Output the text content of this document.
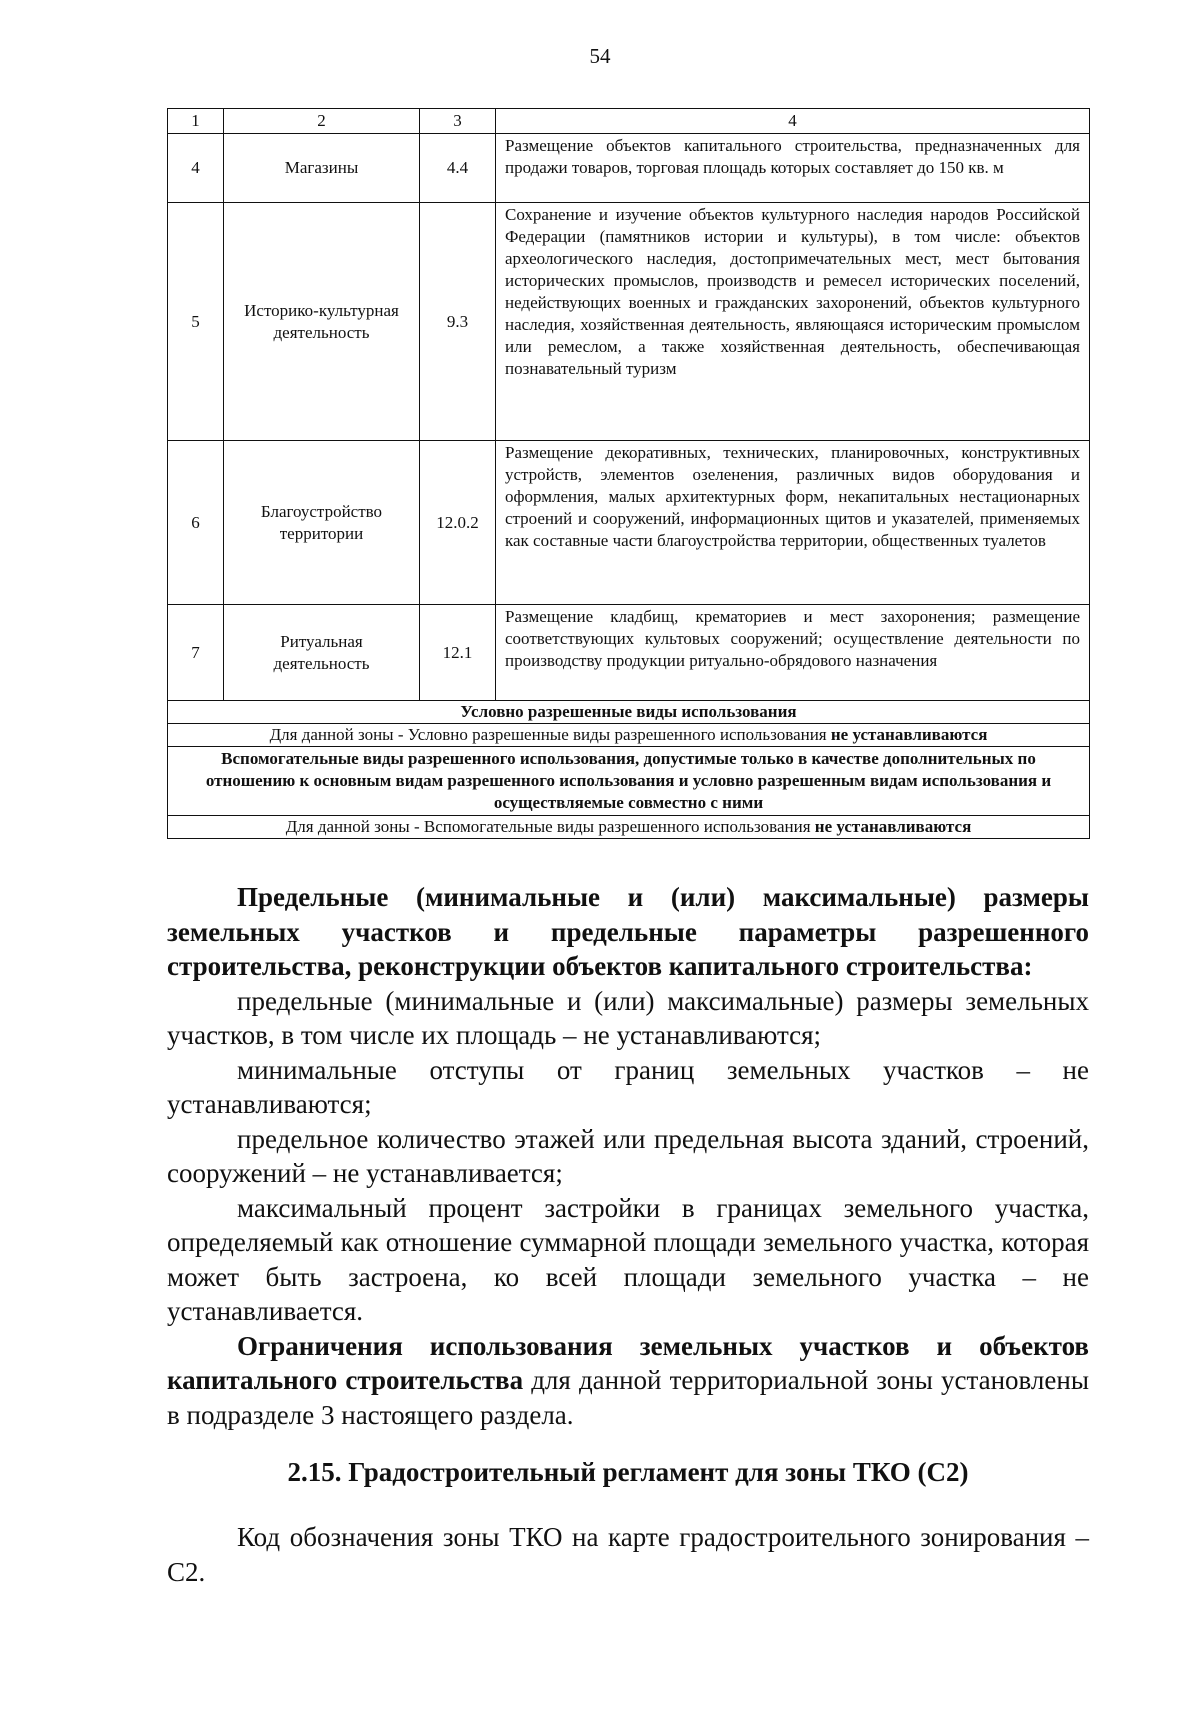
54
1	2	3	4
4	Магазины	4.4	Размещение объектов капитального строительства, предназначенных для продажи товаров, торговая площадь которых составляет до 150 кв. м
5	Историко-культурная деятельность	9.3	Сохранение и изучение объектов культурного наследия народов Российской Федерации (памятников истории и культуры), в том числе: объектов археологического наследия, достопримечательных мест, мест бытования исторических промыслов, производств и ремесел исторических поселений, недействующих военных и гражданских захоронений, объектов культурного наследия, хозяйственная деятельность, являющаяся историческим промыслом или ремеслом, а также хозяйственная деятельность, обеспечивающая познавательный туризм
6	Благоустройство территории	12.0.2	Размещение декоративных, технических, планировочных, конструктивных устройств, элементов озеленения, различных видов оборудования и оформления, малых архитектурных форм, некапитальных нестационарных строений и сооружений, информационных щитов и указателей, применяемых как составные части благоустройства территории, общественных туалетов
7	Ритуальная деятельность	12.1	Размещение кладбищ, крематориев и мест захоронения; размещение соответствующих культовых сооружений; осуществление деятельности по производству продукции ритуально-обрядового назначения
Условно разрешенные виды использования			
Для данной зоны - Условно разрешенные виды разрешенного использования не устанавливаются			
Вспомогательные виды разрешенного использования, допустимые только в качестве дополнительных по отношению к основным видам разрешенного использования и условно разрешенным видам использования и осуществляемые совместно с ними			
Для данной зоны - Вспомогательные виды разрешенного использования не устанавливаются			

Предельные (минимальные и (или) максимальные) размеры земельных участков и предельные параметры разрешенного строительства, реконструкции объектов капитального строительства:

предельные (минимальные и (или) максимальные) размеры земельных участков, в том числе их площадь – не устанавливаются;

минимальные отступы от границ земельных участков – не устанавливаются;

предельное количество этажей или предельная высота зданий, строений, сооружений – не устанавливается;

максимальный процент застройки в границах земельного участка, определяемый как отношение суммарной площади земельного участка, которая может быть застроена, ко всей площади земельного участка – не устанавливается.

Ограничения использования земельных участков и объектов капитального строительства для данной территориальной зоны установлены в подразделе 3 настоящего раздела.

2.15. Градостроительный регламент для зоны ТКО (С2)

Код обозначения зоны ТКО на карте градостроительного зонирования – С2.
